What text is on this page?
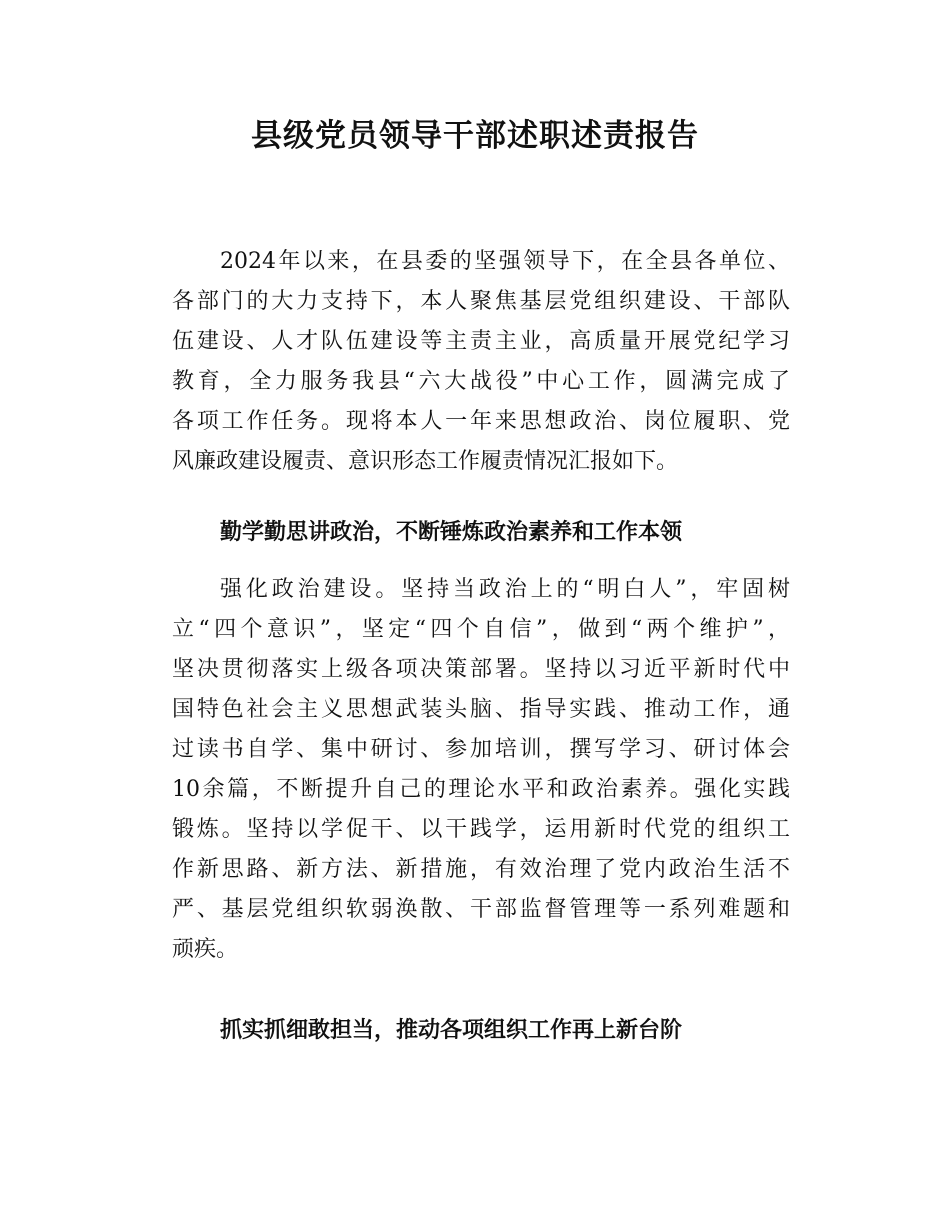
县级党员领导干部述职述责报告
2024年以来，在县委的坚强领导下，在全县各单位、
各部门的大力支持下，本人聚焦基层党组织建设、干部队
伍建设、人才队伍建设等主责主业，高质量开展党纪学习
教育，全力服务我县“六大战役”中心工作，圆满完成了
各项工作任务。现将本人一年来思想政治、岗位履职、党
风廉政建设履责、意识形态工作履责情况汇报如下。
勤学勤思讲政治，不断锤炼政治素养和工作本领
强化政治建设。坚持当政治上的“明白人”，牢固树
立“四个意识”，坚定“四个自信”，做到“两个维护”，
坚决贯彻落实上级各项决策部署。坚持以习近平新时代中
国特色社会主义思想武装头脑、指导实践、推动工作，通
过读书自学、集中研讨、参加培训，撰写学习、研讨体会
10余篇，不断提升自己的理论水平和政治素养。强化实践
锻炼。坚持以学促干、以干践学，运用新时代党的组织工
作新思路、新方法、新措施，有效治理了党内政治生活不
严、基层党组织软弱涣散、干部监督管理等一系列难题和
顽疾。
抓实抓细敢担当，推动各项组织工作再上新台阶
